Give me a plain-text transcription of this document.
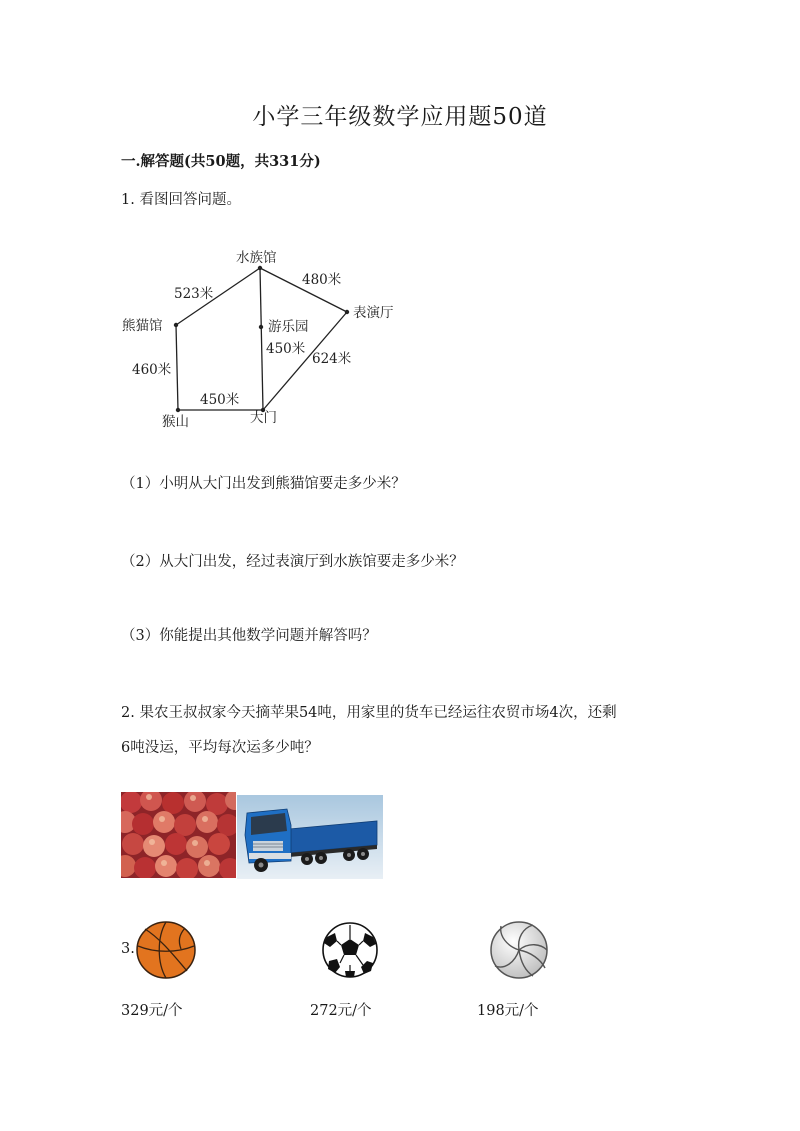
小学三年级数学应用题50道
一.解答题(共50题，共331分)
1. 看图回答问题。
水族馆
熊猫馆
表演厅
游乐园
猴山	大门
523米
480米
460米
450米
450米
624米
（1）小明从大门出发到熊猫馆要走多少米？
（2）从大门出发，经过表演厅到水族馆要走多少米？
（3）你能提出其他数学问题并解答吗？
2. 果农王叔叔家今天摘苹果54吨，用家里的货车已经运往农贸市场4次，还剩
6吨没运，平均每次运多少吨？
3.
329元/个	272元/个	198元/个
